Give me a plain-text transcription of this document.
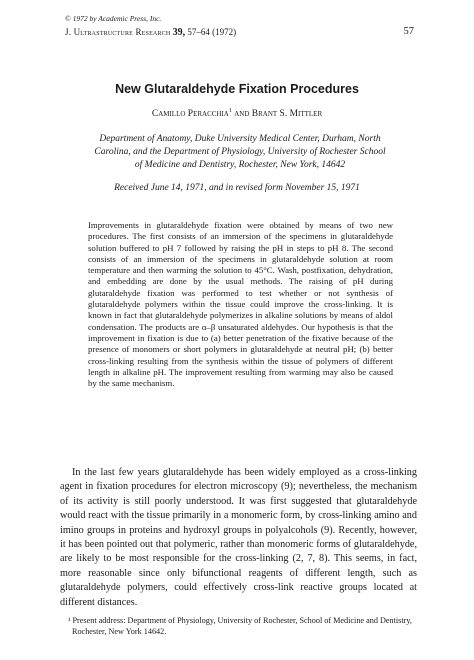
© 1972 by Academic Press, Inc.
J. Ultrastructure Research 39, 57–64 (1972)	57
New Glutaraldehyde Fixation Procedures
Camillo Peracchia$^1$ and Brant S. Mittler
Department of Anatomy, Duke University Medical Center, Durham, North Carolina, and the Department of Physiology, University of Rochester School of Medicine and Dentistry, Rochester, New York, 14642
Received June 14, 1971, and in revised form November 15, 1971

Improvements in glutaraldehyde fixation were obtained by means of two new procedures. The first consists of an immersion of the specimens in glutaraldehyde solution buffered to pH 7 followed by raising the pH in steps to pH 8. The second consists of an immersion of the specimens in glutaraldehyde solution at room temperature and then warming the solution to 45°C. Wash, postfixation, dehydration, and embedding are done by the usual methods. The raising of pH during glutaraldehyde fixation was performed to test whether or not synthesis of glutaraldehyde polymers within the tissue could improve the cross-linking. It is known in fact that glutaraldehyde polymerizes in alkaline solutions by means of aldol condensation. The products are α–β unsaturated aldehydes. Our hypothesis is that the improvement in fixation is due to (a) better penetration of the fixative because of the presence of monomers or short polymers in glutaraldehyde at neutral pH; (b) better cross-linking resulting from the synthesis within the tissue of polymers of different length in alkaline pH. The improvement resulting from warming may also be caused by the same mechanism.

In the last few years glutaraldehyde has been widely employed as a cross-linking agent in fixation procedures for electron microscopy (9); nevertheless, the mechanism of its activity is still poorly understood. It was first suggested that glutaraldehyde would react with the tissue primarily in a monomeric form, by cross-linking amino and imino groups in proteins and hydroxyl groups in polyalcohols (9). Recently, however, it has been pointed out that polymeric, rather than monomeric forms of glutaraldehyde, are likely to be most responsible for the cross-linking (2, 7, 8). This seems, in fact, more reasonable since only bifunctional reagents of different length, such as glutaraldehyde polymers, could effectively cross-link reactive groups located at different distances.

¹ Present address: Department of Physiology, University of Rochester, School of Medicine and Dentistry, Rochester, New York 14642.
